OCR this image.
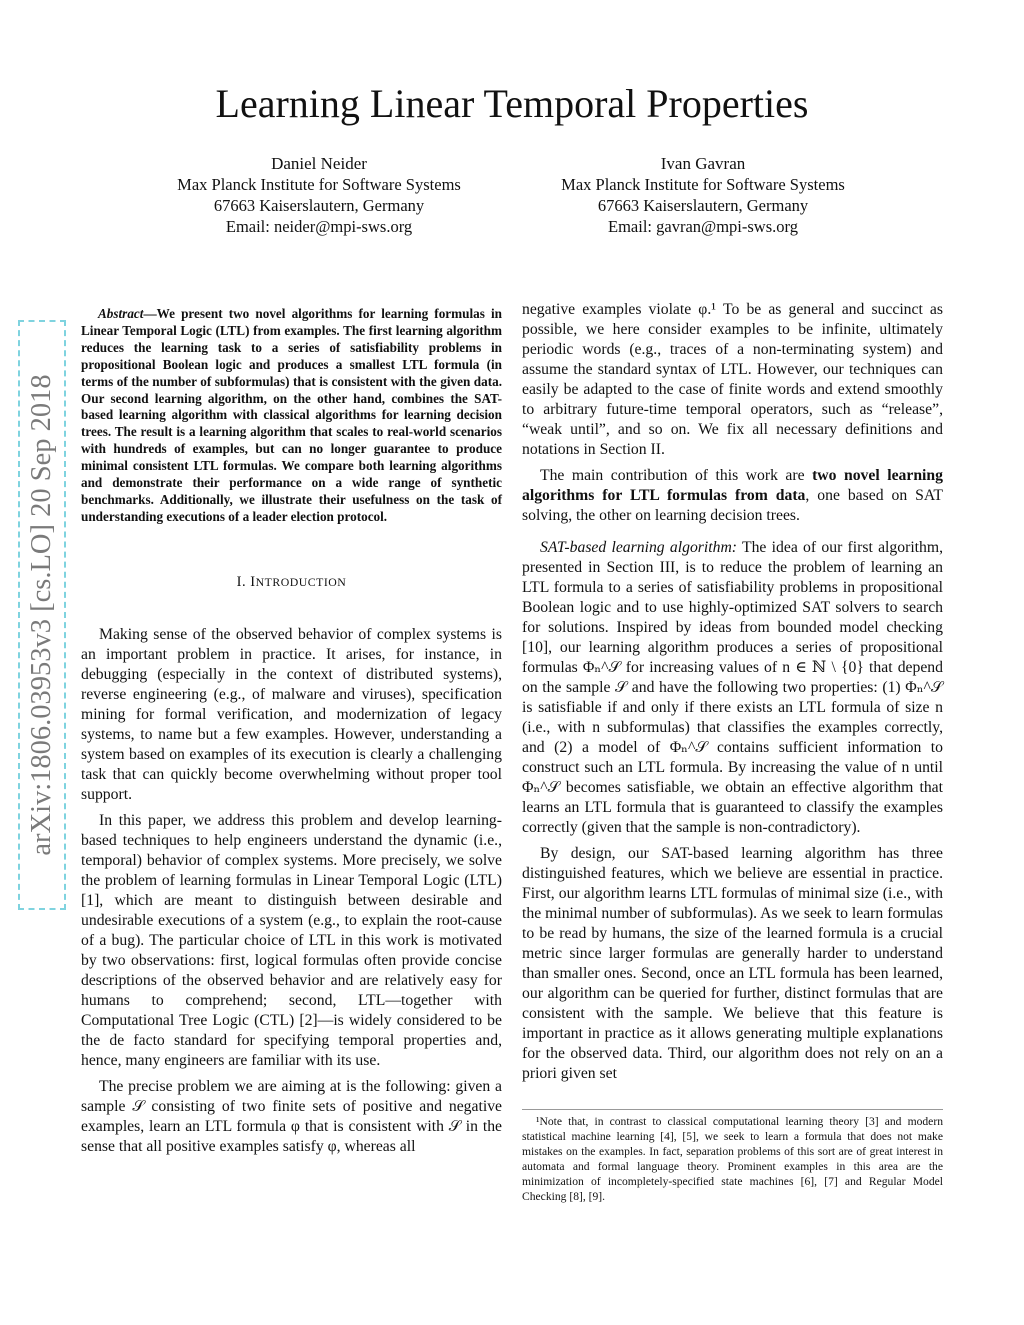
arXiv:1806.03953v3 [cs.LO] 20 Sep 2018
Learning Linear Temporal Properties
Daniel Neider
Max Planck Institute for Software Systems
67663 Kaiserslautern, Germany
Email: neider@mpi-sws.org
Ivan Gavran
Max Planck Institute for Software Systems
67663 Kaiserslautern, Germany
Email: gavran@mpi-sws.org
Abstract—We present two novel algorithms for learning formulas in Linear Temporal Logic (LTL) from examples. The first learning algorithm reduces the learning task to a series of satisfiability problems in propositional Boolean logic and produces a smallest LTL formula (in terms of the number of subformulas) that is consistent with the given data. Our second learning algorithm, on the other hand, combines the SAT-based learning algorithm with classical algorithms for learning decision trees. The result is a learning algorithm that scales to real-world scenarios with hundreds of examples, but can no longer guarantee to produce minimal consistent LTL formulas. We compare both learning algorithms and demonstrate their performance on a wide range of synthetic benchmarks. Additionally, we illustrate their usefulness on the task of understanding executions of a leader election protocol.
I. INTRODUCTION

Making sense of the observed behavior of complex systems is an important problem in practice. It arises, for instance, in debugging (especially in the context of distributed systems), reverse engineering (e.g., of malware and viruses), specification mining for formal verification, and modernization of legacy systems, to name but a few examples. However, understanding a system based on examples of its execution is clearly a challenging task that can quickly become overwhelming without proper tool support.

In this paper, we address this problem and develop learning-based techniques to help engineers understand the dynamic (i.e., temporal) behavior of complex systems. More precisely, we solve the problem of learning formulas in Linear Temporal Logic (LTL) [1], which are meant to distinguish between desirable and undesirable executions of a system (e.g., to explain the root-cause of a bug). The particular choice of LTL in this work is motivated by two observations: first, logical formulas often provide concise descriptions of the observed behavior and are relatively easy for humans to comprehend; second, LTL—together with Computational Tree Logic (CTL) [2]—is widely considered to be the de facto standard for specifying temporal properties and, hence, many engineers are familiar with its use.

The precise problem we are aiming at is the following: given a sample 𝒮 consisting of two finite sets of positive and negative examples, learn an LTL formula φ that is consistent with 𝒮 in the sense that all positive examples satisfy φ, whereas all

negative examples violate φ.¹ To be as general and succinct as possible, we here consider examples to be infinite, ultimately periodic words (e.g., traces of a non-terminating system) and assume the standard syntax of LTL. However, our techniques can easily be adapted to the case of finite words and extend smoothly to arbitrary future-time temporal operators, such as “release”, “weak until”, and so on. We fix all necessary definitions and notations in Section II.

The main contribution of this work are two novel learning algorithms for LTL formulas from data, one based on SAT solving, the other on learning decision trees.

SAT-based learning algorithm: The idea of our first algorithm, presented in Section III, is to reduce the problem of learning an LTL formula to a series of satisfiability problems in propositional Boolean logic and to use highly-optimized SAT solvers to search for solutions. Inspired by ideas from bounded model checking [10], our learning algorithm produces a series of propositional formulas Φₙ^𝒮 for increasing values of n ∈ ℕ \ {0} that depend on the sample 𝒮 and have the following two properties: (1) Φₙ^𝒮 is satisfiable if and only if there exists an LTL formula of size n (i.e., with n subformulas) that classifies the examples correctly, and (2) a model of Φₙ^𝒮 contains sufficient information to construct such an LTL formula. By increasing the value of n until Φₙ^𝒮 becomes satisfiable, we obtain an effective algorithm that learns an LTL formula that is guaranteed to classify the examples correctly (given that the sample is non-contradictory).

By design, our SAT-based learning algorithm has three distinguished features, which we believe are essential in practice. First, our algorithm learns LTL formulas of minimal size (i.e., with the minimal number of subformulas). As we seek to learn formulas to be read by humans, the size of the learned formula is a crucial metric since larger formulas are generally harder to understand than smaller ones. Second, once an LTL formula has been learned, our algorithm can be queried for further, distinct formulas that are consistent with the sample. We believe that this feature is important in practice as it allows generating multiple explanations for the observed data. Third, our algorithm does not rely on an a priori given set

¹Note that, in contrast to classical computational learning theory [3] and modern statistical machine learning [4], [5], we seek to learn a formula that does not make mistakes on the examples. In fact, separation problems of this sort are of great interest in automata and formal language theory. Prominent examples in this area are the minimization of incompletely-specified state machines [6], [7] and Regular Model Checking [8], [9].
